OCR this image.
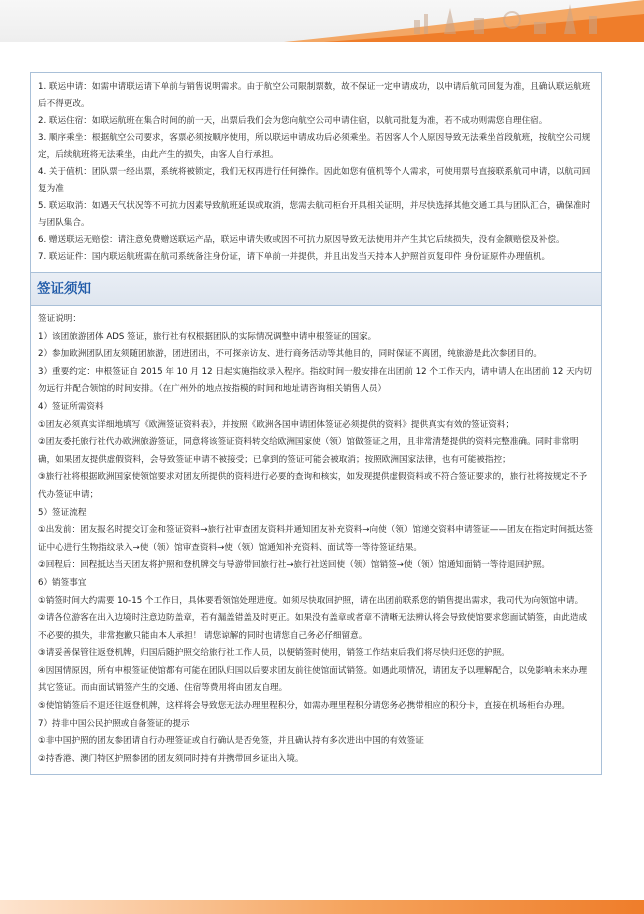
1. 联运申请：如需申请联运请下单前与销售说明需求。由于航空公司限制票数，故不保证一定申请成功，以申请后航司回复为准，且确认联运航班后不得更改。

2. 联运住宿：如联运航班在集合时间的前一天，出票后我们会为您向航空公司申请住宿，以航司批复为准，若不成功则需您自理住宿。

3. 顺序乘坐：根据航空公司要求，客票必须按顺序使用，所以联运申请成功后必须乘坐。若因客人个人原因导致无法乘坐首段航班，按航空公司规定，后续航班将无法乘坐，由此产生的损失，由客人自行承担。

4. 关于值机：团队票一经出票，系统将被锁定，我们无权再进行任何操作。因此如您有值机等个人需求，可使用票号直接联系航司申请，以航司回复为准

5. 联运取消：如遇天气状况等不可抗力因素导致航班延误或取消，您需去航司柜台开具相关证明，并尽快选择其他交通工具与团队汇合，确保准时与团队集合。

6. 赠送联运无赔偿：请注意免费赠送联运产品，联运申请失败或因不可抗力原因导致无法使用并产生其它后续损失，没有金额赔偿及补偿。

7. 联运证件：国内联运航班需在航司系统备注身份证，请下单前一并提供，并且出发当天持本人护照首页复印件 身份证原件办理值机。

签证须知

签证说明：

1）该团旅游团体 ADS 签证，旅行社有权根据团队的实际情况调整申请申根签证的国家。

2）参加欧洲团队团友须随团旅游，团进团出，不可探亲访友、进行商务活动等其他目的，同时保证不离团，纯旅游是此次参团目的。

3）重要约定：申根签证自 2015 年 10 月 12 日起实施指纹录入程序。指纹时间一般安排在出团前 12 个工作天内，请申请人在出团前 12 天内切勿远行并配合领馆的时间安排。（在广州外的地点按指模的时间和地址请咨询相关销售人员）

4）签证所需资料

①团友必须真实详细地填写《欧洲签证资料表》，并按照《欧洲各国申请团体签证必须提供的资料》提供真实有效的签证资料；

②团友委托旅行社代办欧洲旅游签证，同意将该签证资料转交给欧洲国家使（领）馆做签证之用，且非常清楚提供的资料完整准确。同时非常明确，如果团友提供虚假资料，会导致签证申请不被接受；已拿到的签证可能会被取消；按照欧洲国家法律，也有可能被指控；

③旅行社将根据欧洲国家使领馆要求对团友所提供的资料进行必要的查询和核实，如发现提供虚假资料或不符合签证要求的，旅行社将按规定不予代办签证申请；

5）签证流程

①出发前：团友报名时提交订金和签证资料→旅行社审查团友资料并通知团友补充资料→向使（领）馆递交资料申请签证——团友在指定时间抵达签证中心进行生物指纹录入→使（领）馆审查资料→使（领）馆通知补充资料、面试等一等待签证结果。

②回程后：回程抵达当天团友将护照和登机牌交与导游带回旅行社→旅行社送回使（领）馆销签→使（领）馆通知面销一等待退回护照。

6）销签事宜

①销签时间大约需要 10-15 个工作日，具体要看领馆处理进度。如须尽快取回护照，请在出团前联系您的销售提出需求，我司代为向领馆申请。

②请各位游客在出入边境时注意边防盖章，若有漏盖错盖及时更正。如果没有盖章或者章不清晰无法辨认将会导致使馆要求您面试销签，由此造成不必要的损失，非常抱歉只能由本人承担！ 请您谅解的同时也请您自己务必仔细留意。

③请妥善保管往返登机牌，归国后随护照交给旅行社工作人员，以便销签时使用，销签工作结束后我们将尽快归还您的护照。

④因国情原因，所有申根签证使馆都有可能在团队归国以后要求团友前往使馆面试销签。如遇此项情况，请团友予以理解配合，以免影响未来办理其它签证。而由面试销签产生的交通、住宿等费用将由团友自理。

⑤使馆销签后不退还往返登机牌，这样将会导致您无法办理里程积分，如需办理里程积分请您务必携带相应的积分卡，直接在机场柜台办理。

7）持非中国公民护照或自备签证的提示

①非中国护照的团友参团请自行办理签证或自行确认是否免签，并且确认持有多次进出中国的有效签证

②持香港、澳门特区护照参团的团友须同时持有并携带回乡证出入境。
